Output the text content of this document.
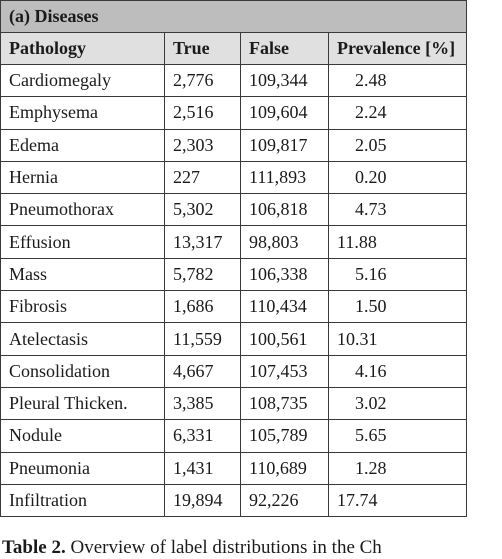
(a) Diseases			
Pathology	True	False	Prevalence [%]
Cardiomegaly	2,776	109,344	2.48
Emphysema	2,516	109,604	2.24
Edema	2,303	109,817	2.05
Hernia	227	111,893	0.20
Pneumothorax	5,302	106,818	4.73
Effusion	13,317	98,803	11.88
Mass	5,782	106,338	5.16
Fibrosis	1,686	110,434	1.50
Atelectasis	11,559	100,561	10.31
Consolidation	4,667	107,453	4.16
Pleural Thicken.	3,385	108,735	3.02
Nodule	6,331	105,789	5.65
Pneumonia	1,431	110,689	1.28
Infiltration	19,894	92,226	17.74
Table 2. Overview of label distributions in the Ch
